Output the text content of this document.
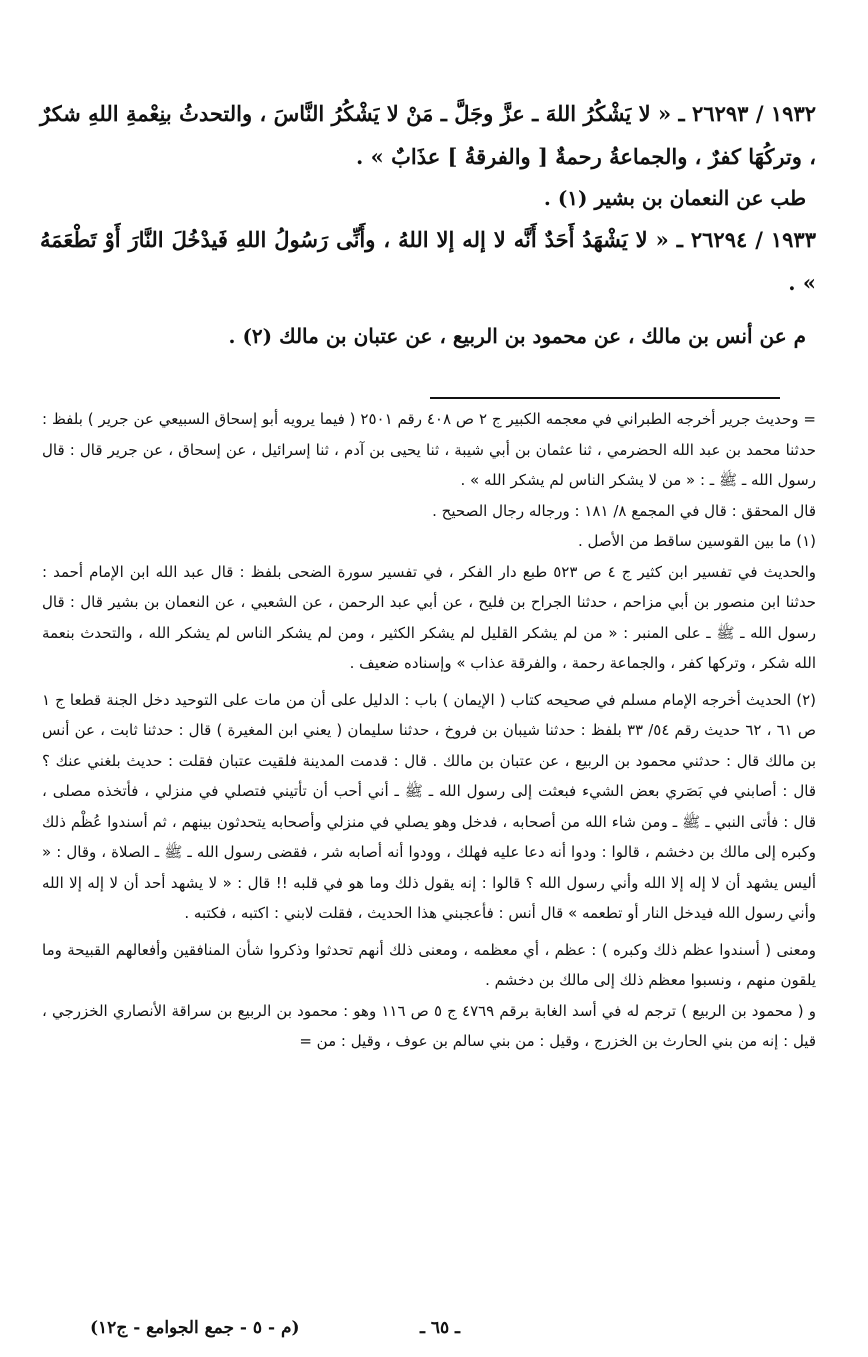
١٩٣٢ / ٢٦٢٩٣ ـ « لا يَشْكُرُ اللهَ ـ عزَّ وجَلَّ ـ مَنْ لا يَشْكُرُ النَّاسَ ، والتحدثُ بنِعْمةِ اللهِ شكرٌ ، وتركُهَا كفرٌ ، والجماعةُ رحمةٌ [ والفرقةُ ] عذَابٌ » .

طب عن النعمان بن بشير (١) .

١٩٣٣ / ٢٦٢٩٤ ـ « لا يَشْهَدُ أَحَدٌ أَنَّه لا إله إلا اللهُ ، وأَنِّى رَسُولُ اللهِ فَيدْخُلَ النَّارَ أَوْ تَطْعَمَهُ » .

م عن أنس بن مالك ، عن محمود بن الربيع ، عن عتبان بن مالك (٢) .

= وحديث جرير أخرجه الطبراني في معجمه الكبير ج ٢ ص ٤٠٨ رقم ٢٥٠١ ( فيما يرويه أبو إسحاق السبيعي عن جرير ) بلفظ : حدثنا محمد بن عبد الله الحضرمي ، ثنا عثمان بن أبي شيبة ، ثنا يحيى بن آدم ، ثنا إسرائيل ، عن إسحاق ، عن جرير قال : قال رسول الله ـ ﷺ ـ : « من لا يشكر الناس لم يشكر الله » .

قال المحقق : قال في المجمع ٨/ ١٨١ : ورجاله رجال الصحيح .

(١) ما بين القوسين ساقط من الأصل .

والحديث في تفسير ابن كثير ج ٤ ص ٥٢٣ طبع دار الفكر ، في تفسير سورة الضحى بلفظ : قال عبد الله ابن الإمام أحمد : حدثنا ابن منصور بن أبي مزاحم ، حدثنا الجراح بن فليح ، عن أبي عبد الرحمن ، عن الشعبي ، عن النعمان بن بشير قال : قال رسول الله ـ ﷺ ـ على المنبر : « من لم يشكر القليل لم يشكر الكثير ، ومن لم يشكر الناس لم يشكر الله ، والتحدث بنعمة الله شكر ، وتركها كفر ، والجماعة رحمة ، والفرقة عذاب » وإسناده ضعيف .

(٢) الحديث أخرجه الإمام مسلم في صحيحه كتاب ( الإيمان ) باب : الدليل على أن من مات على التوحيد دخل الجنة قطعا ج ١ ص ٦١ ، ٦٢ حديث رقم ٥٤/ ٣٣ بلفظ : حدثنا شيبان بن فروخ ، حدثنا سليمان ( يعني ابن المغيرة ) قال : حدثنا ثابت ، عن أنس بن مالك قال : حدثني محمود بن الربيع ، عن عتبان بن مالك . قال : قدمت المدينة فلقيت عتبان فقلت : حديث بلغني عنك ؟ قال : أصابني في بَصَري بعض الشيء فبعثت إلى رسول الله ـ ﷺ ـ أني أحب أن تأتيني فتصلي في منزلي ، فأتخذه مصلى ، قال : فأتى النبي ـ ﷺ ـ ومن شاء الله من أصحابه ، فدخل وهو يصلي في منزلي وأصحابه يتحدثون بينهم ، ثم أسندوا عُظْم ذلك وكبره إلى مالك بن دخشم ، قالوا : ودوا أنه دعا عليه فهلك ، وودوا أنه أصابه شر ، فقضى رسول الله ـ ﷺ ـ الصلاة ، وقال : « أليس يشهد أن لا إله إلا الله وأني رسول الله ؟ قالوا : إنه يقول ذلك وما هو في قلبه !! قال : « لا يشهد أحد أن لا إله إلا الله وأني رسول الله فيدخل النار أو تطعمه » قال أنس : فأعجبني هذا الحديث ، فقلت لابني : اكتبه ، فكتبه .

ومعنى ( أسندوا عظم ذلك وكبره ) : عظم ، أي معظمه ، ومعنى ذلك أنهم تحدثوا وذكروا شأن المنافقين وأفعالهم القبيحة وما يلقون منهم ، ونسبوا معظم ذلك إلى مالك بن دخشم .

و ( محمود بن الربيع ) ترجم له في أسد الغابة برقم ٤٧٦٩ ج ٥ ص ١١٦ وهو : محمود بن الربيع بن سراقة الأنصاري الخزرجي ، قيل : إنه من بني الحارث بن الخزرج ، وقيل : من بني سالم بن عوف ، وقيل : من =

ـ ٦٥ ـ
(م - ٥ - جمع الجوامع - ج١٢)
